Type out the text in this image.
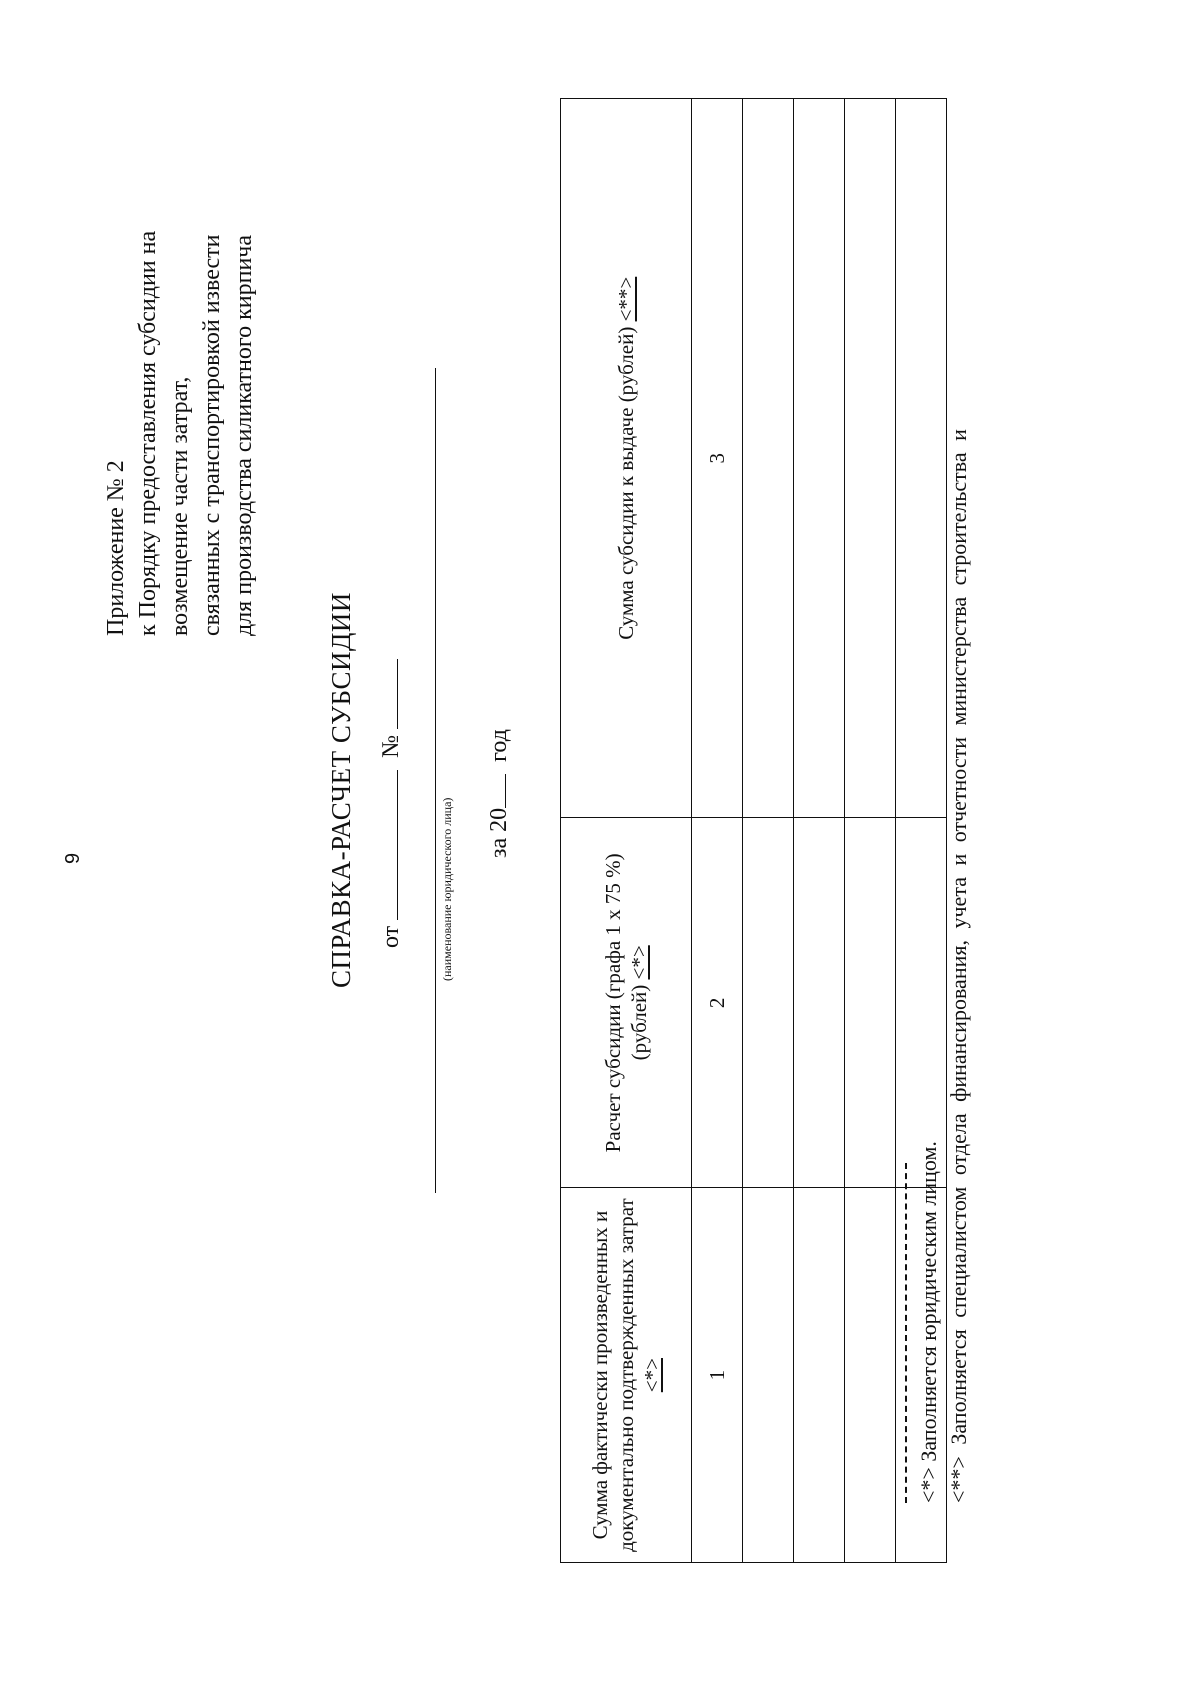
9
Приложение № 2 к Порядку предоставления субсидии на возмещение части затрат, связанных с транспортировкой извести для производства силикатного кирпича
СПРАВКА-РАСЧЕТ СУБСИДИИ от  №
(наименование юридического лица) за 20 год
Сумма фактически произведенных и документально подтвержденных затрат <*>	Расчет субсидии (графа 1 x 75 %) (рублей) <*>	Сумма субсидии к выдаче (рублей) <**>
1	2	3

<*> Заполняется юридическим лицом. <**> Заполняется специалистом отдела финансирования, учета и отчетности министерства строительства и
